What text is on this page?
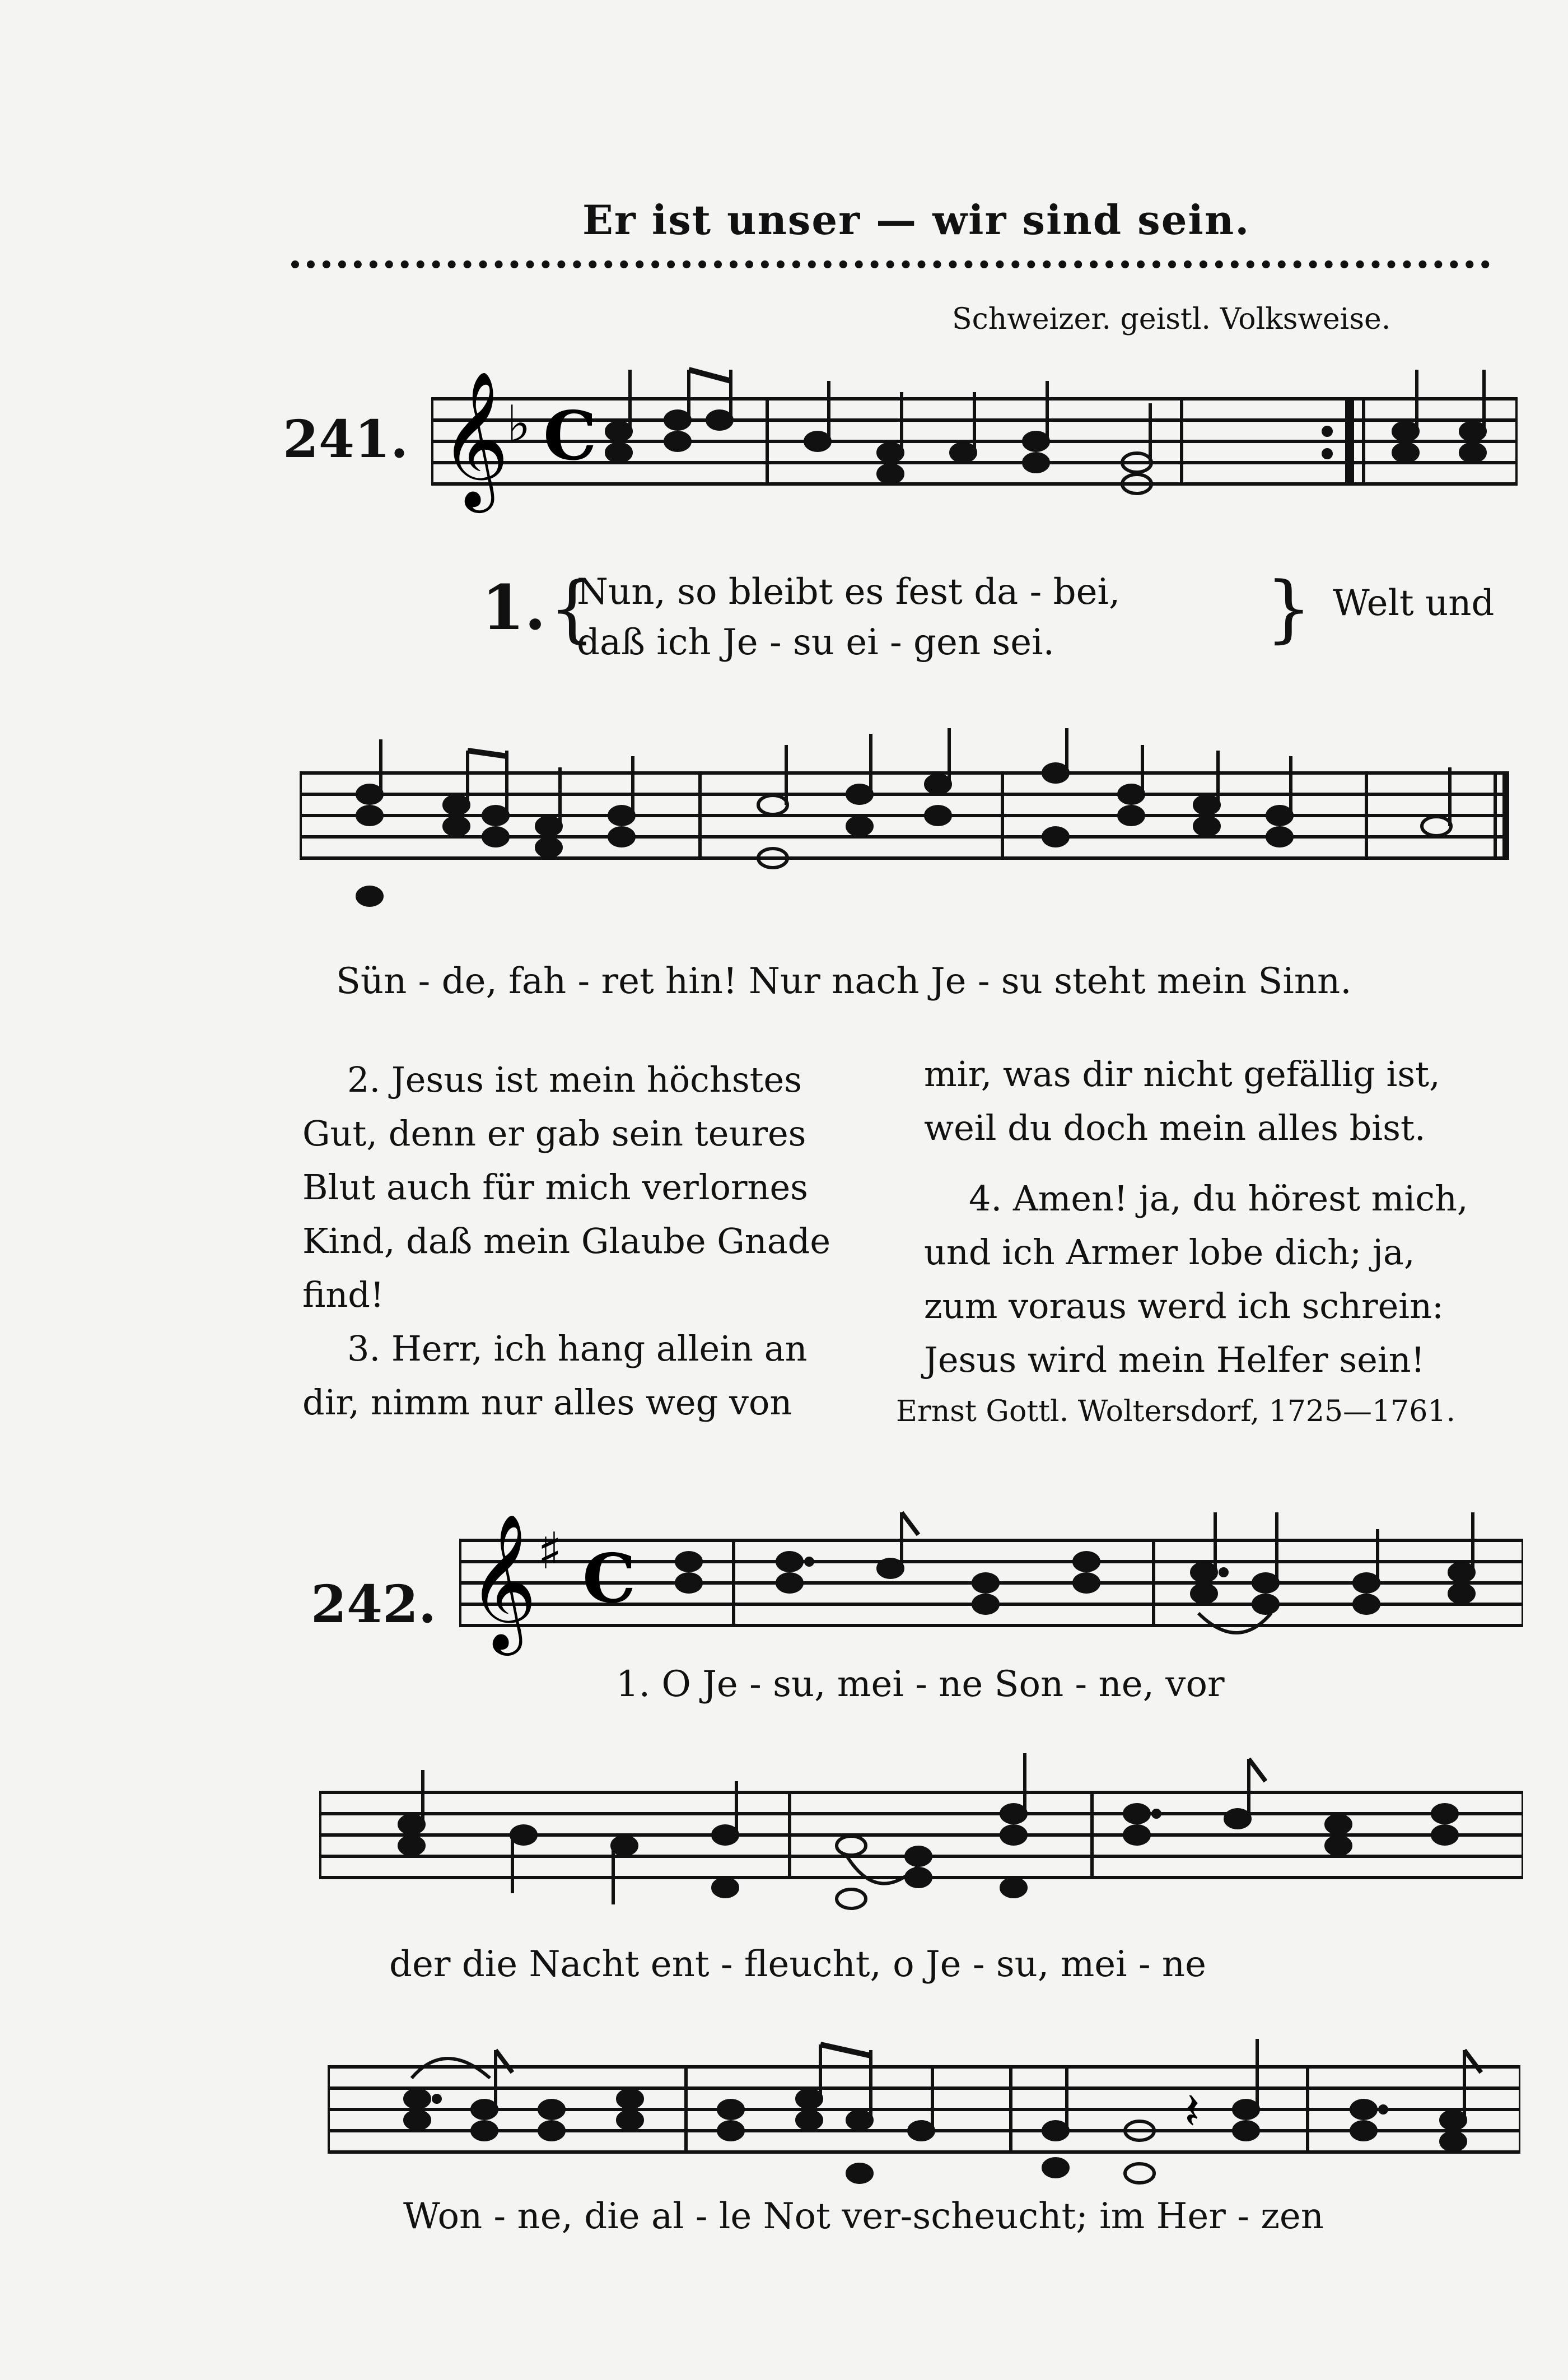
Er ist unser — wir sind sein.
Schweizer. geistl. Volksweise.
241. 𝄞
♭ C
1. {
Nun, so bleibt es fest da - bei,
daß ich Je - su ei - gen sei.	} Welt und
Sün - de, fah - ret hin! Nur nach Je - su steht mein Sinn.
2. Jesus ist mein höchstes
Gut, denn er gab sein teures
Blut auch für mich verlornes
Kind, daß mein Glaube Gnade
find!
3. Herr, ich hang allein an
dir, nimm nur alles weg von
mir, was dir nicht gefällig ist,
weil du doch mein alles bist.
4. Amen! ja, du hörest mich,
und ich Armer lobe dich; ja,
zum voraus werd ich schrein:
Jesus wird mein Helfer sein!
Ernst Gottl. Woltersdorf, 1725—1761.
242. 𝄞 ♯ C
1. O Je - su, mei - ne Son - ne, vor
der die Nacht ent - fleucht, o Je - su, mei - ne
𝄽
Won - ne, die al - le Not ver-scheucht; im Her - zen
